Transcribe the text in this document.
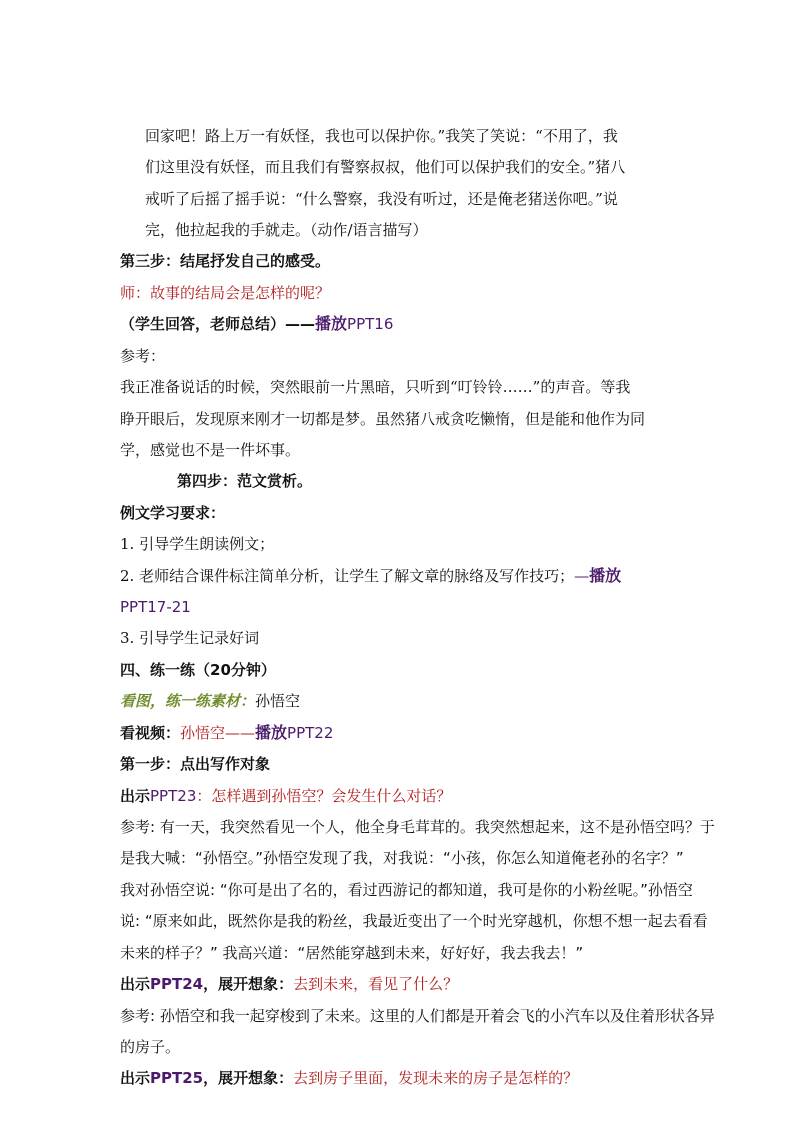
回家吧！路上万一有妖怪，我也可以保护你。”我笑了笑说：“不用了，我
们这里没有妖怪，而且我们有警察叔叔，他们可以保护我们的安全。”猪八
戒听了后摇了摇手说：“什么警察，我没有听过，还是俺老猪送你吧。”说
完，他拉起我的手就走。（动作/语言描写）
第三步：结尾抒发自己的感受。
师：故事的结局会是怎样的呢？
（学生回答，老师总结）——播放PPT16
参考：
我正准备说话的时候，突然眼前一片黑暗，只听到“叮铃铃……”的声音。等我
睁开眼后，发现原来刚才一切都是梦。虽然猪八戒贪吃懒惰，但是能和他作为同
学，感觉也不是一件坏事。
第四步：范文赏析。
例文学习要求：
1. 引导学生朗读例文；
2. 老师结合课件标注简单分析，让学生了解文章的脉络及写作技巧；—播放
PPT17-21
3. 引导学生记录好词
四、练一练（20分钟）
看图，练一练素材：孙悟空
看视频：孙悟空——播放PPT22
第一步：点出写作对象
出示PPT23：怎样遇到孙悟空？会发生什么对话？
参考: 有一天，我突然看见一个人，他全身毛茸茸的。我突然想起来，这不是孙悟空吗？于
是我大喊：“孙悟空。”孙悟空发现了我，对我说：“小孩，你怎么知道俺老孙的名字？”
我对孙悟空说: “你可是出了名的，看过西游记的都知道，我可是你的小粉丝呢。”孙悟空
说: “原来如此，既然你是我的粉丝，我最近变出了一个时光穿越机，你想不想一起去看看
未来的样子？” 我高兴道：“居然能穿越到未来，好好好，我去我去！”
出示PPT24，展开想象：去到未来，看见了什么？
参考: 孙悟空和我一起穿梭到了未来。这里的人们都是开着会飞的小汽车以及住着形状各异
的房子。
出示PPT25，展开想象：去到房子里面，发现未来的房子是怎样的？
